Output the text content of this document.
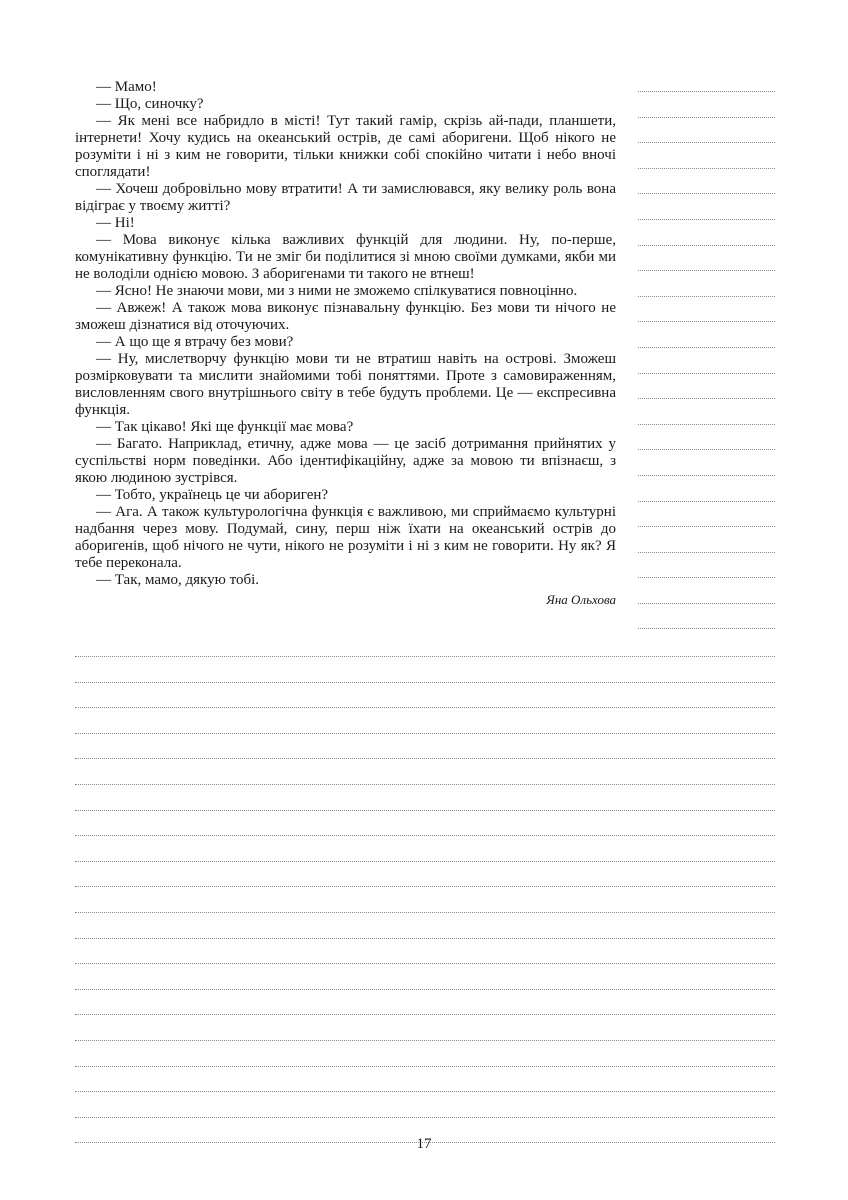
— Мамо!

— Що, синочку?

— Як мені все набридло в місті! Тут такий гамір, скрізь ай-пади, планшети, інтернети! Хочу кудись на океанський острів, де самі аборигени. Щоб нікого не розуміти і ні з ким не говорити, тільки книжки собі спокійно читати і небо вночі споглядати!

— Хочеш добровільно мову втратити! А ти замислювався, яку велику роль вона відіграє у твоєму житті?

— Ні!

— Мова виконує кілька важливих функцій для людини. Ну, по-перше, комунікативну функцію. Ти не зміг би поділитися зі мною своїми думками, якби ми не володіли однією мовою. З аборигенами ти такого не втнеш!

— Ясно! Не знаючи мови, ми з ними не зможемо спілкуватися повноцінно.

— Авжеж! А також мова виконує пізнавальну функцію. Без мови ти нічого не зможеш дізнатися від оточуючих.

— А що ще я втрачу без мови?

— Ну, мислетворчу функцію мови ти не втратиш навіть на острові. Зможеш розмірковувати та мислити знайомими тобі поняттями. Проте з самовираженням, висловленням свого внутрішнього світу в тебе будуть проблеми. Це — експресивна функція.

— Так цікаво! Які ще функції має мова?

— Багато. Наприклад, етичну, адже мова — це засіб дотримання прийнятих у суспільстві норм поведінки. Або ідентифікаційну, адже за мовою ти впізнаєш, з якою людиною зустрівся.

— Тобто, українець це чи абориген?

— Ага. А також культурологічна функція є важливою, ми сприймаємо культурні надбання через мову. Подумай, сину, перш ніж їхати на океанський острів до аборигенів, щоб нічого не чути, нікого не розуміти і ні з ким не говорити. Ну як? Я тебе переконала.

— Так, мамо, дякую тобі.

Яна Ольхова
17
